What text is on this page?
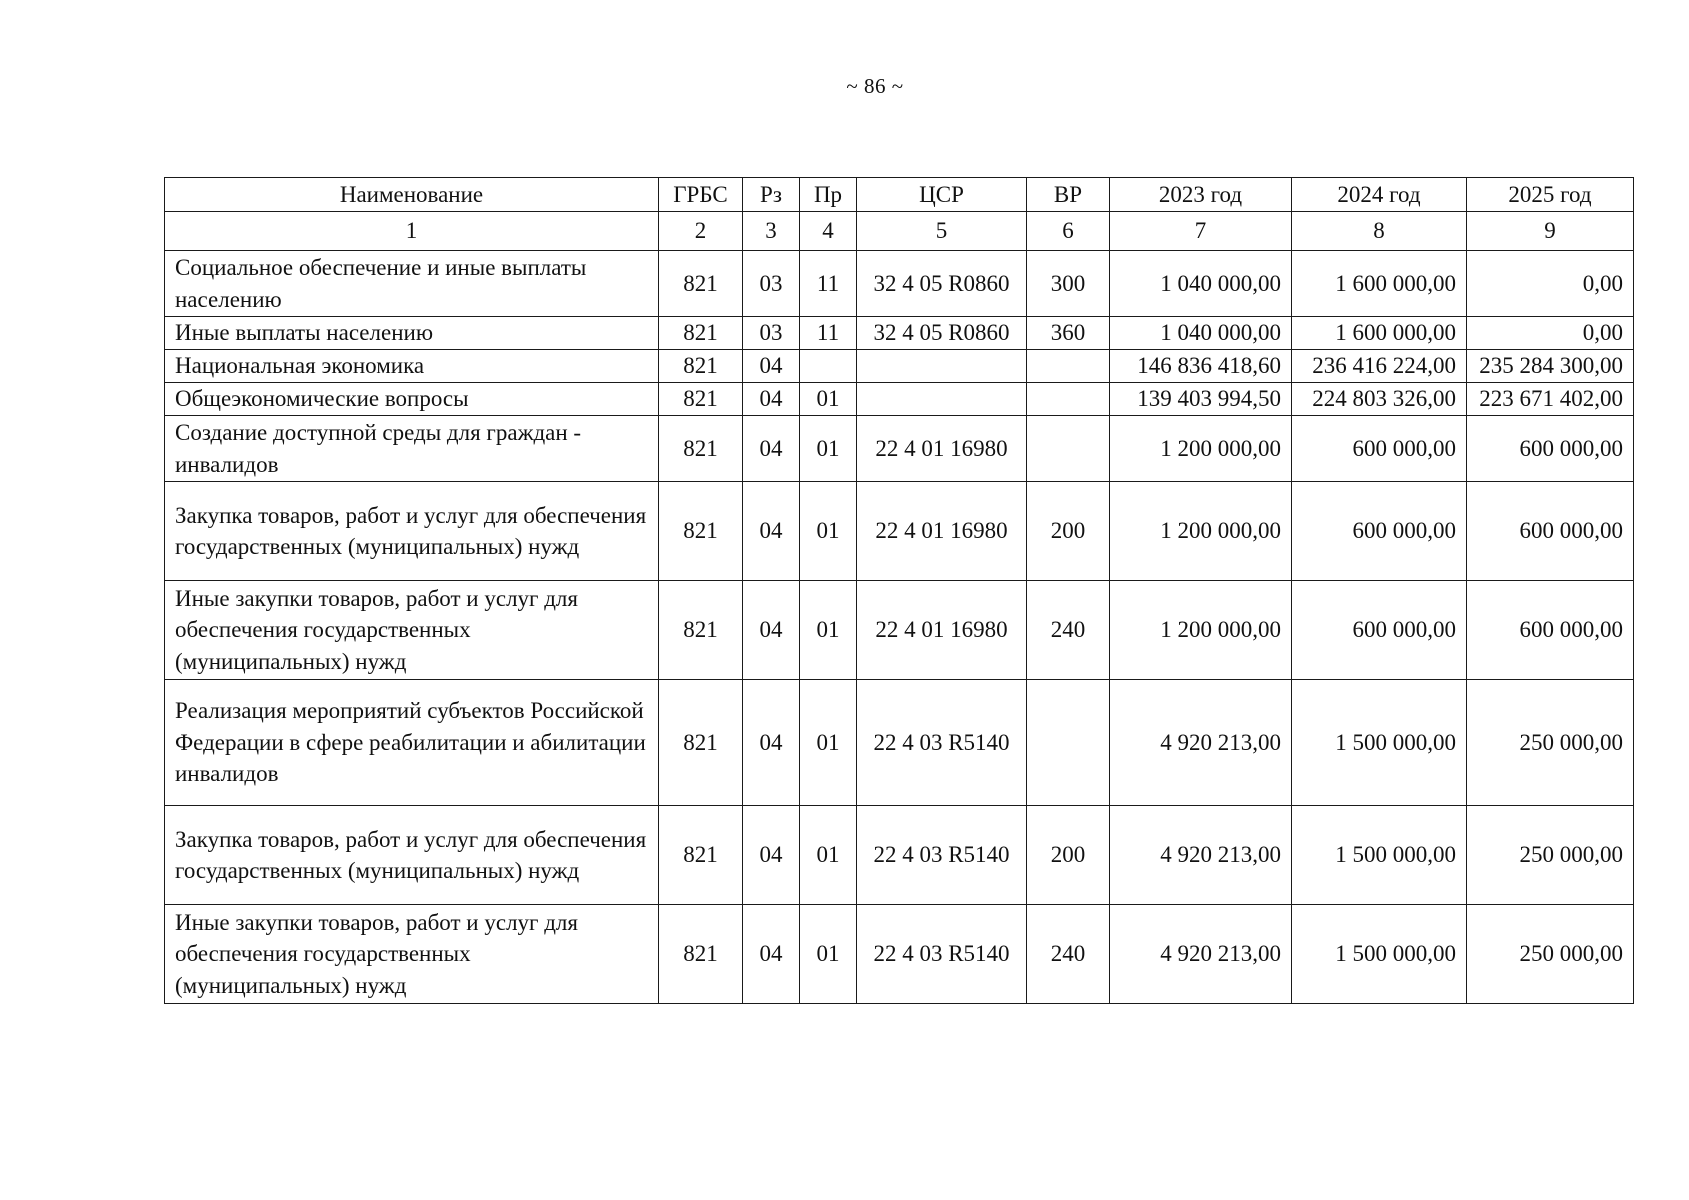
~ 86 ~
Наименование	ГРБС	Рз	Пр	ЦСР	ВР	2023 год	2024 год	2025 год
1	2	3	4	5	6	7	8	9
Социальное обеспечение и иные выплаты населению	821	03	11	32 4 05 R0860	300	1 040 000,00	1 600 000,00	0,00
Иные выплаты населению	821	03	11	32 4 05 R0860	360	1 040 000,00	1 600 000,00	0,00
Национальная экономика	821	04				146 836 418,60	236 416 224,00	235 284 300,00
Общеэкономические вопросы	821	04	01			139 403 994,50	224 803 326,00	223 671 402,00
Создание доступной среды для граждан - инвалидов	821	04	01	22 4 01 16980		1 200 000,00	600 000,00	600 000,00
Закупка товаров, работ и услуг для обеспечения государственных (муниципальных) нужд	821	04	01	22 4 01 16980	200	1 200 000,00	600 000,00	600 000,00
Иные закупки товаров, работ и услуг для обеспечения государственных (муниципальных) нужд	821	04	01	22 4 01 16980	240	1 200 000,00	600 000,00	600 000,00
Реализация мероприятий субъектов Российской Федерации в сфере реабилитации и абилитации инвалидов	821	04	01	22 4 03 R5140		4 920 213,00	1 500 000,00	250 000,00
Закупка товаров, работ и услуг для обеспечения государственных (муниципальных) нужд	821	04	01	22 4 03 R5140	200	4 920 213,00	1 500 000,00	250 000,00
Иные закупки товаров, работ и услуг для обеспечения государственных (муниципальных) нужд	821	04	01	22 4 03 R5140	240	4 920 213,00	1 500 000,00	250 000,00
